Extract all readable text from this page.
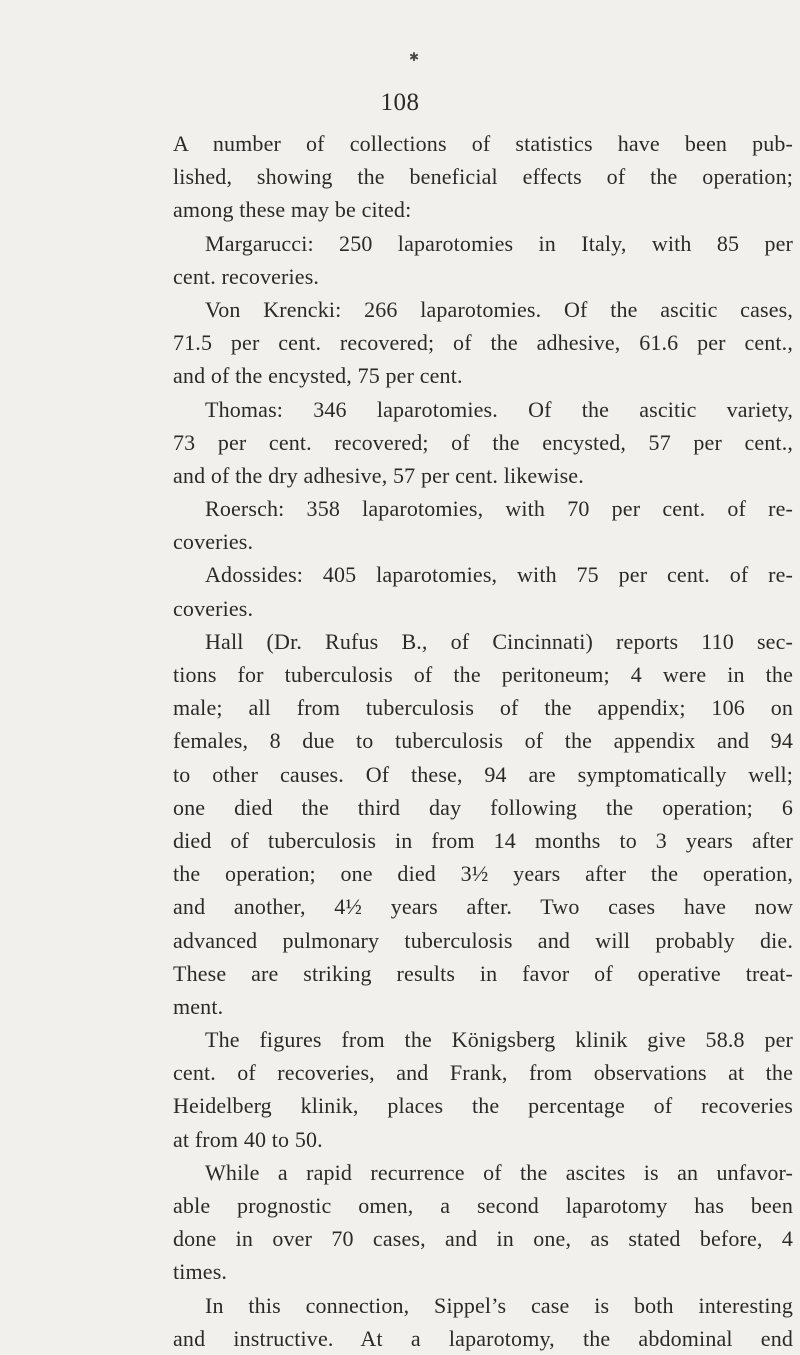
✱
108
A number of collections of statistics have been pub-
lished, showing the beneficial effects of the operation;
among these may be cited:
Margarucci: 250 laparotomies in Italy, with 85 per
cent. recoveries.
Von Krencki: 266 laparotomies. Of the ascitic cases,
71.5 per cent. recovered; of the adhesive, 61.6 per cent.,
and of the encysted, 75 per cent.
Thomas: 346 laparotomies. Of the ascitic variety,
73 per cent. recovered; of the encysted, 57 per cent.,
and of the dry adhesive, 57 per cent. likewise.
Roersch: 358 laparotomies, with 70 per cent. of re-
coveries.
Adossides: 405 laparotomies, with 75 per cent. of re-
coveries.
Hall (Dr. Rufus B., of Cincinnati) reports 110 sec-
tions for tuberculosis of the peritoneum; 4 were in the
male; all from tuberculosis of the appendix; 106 on
females, 8 due to tuberculosis of the appendix and 94
to other causes. Of these, 94 are symptomatically well;
one died the third day following the operation; 6
died of tuberculosis in from 14 months to 3 years after
the operation; one died 3½ years after the operation,
and another, 4½ years after. Two cases have now
advanced pulmonary tuberculosis and will probably die.
These are striking results in favor of operative treat-
ment.
The figures from the Königsberg klinik give 58.8 per
cent. of recoveries, and Frank, from observations at the
Heidelberg klinik, places the percentage of recoveries
at from 40 to 50.
While a rapid recurrence of the ascites is an unfavor-
able prognostic omen, a second laparotomy has been
done in over 70 cases, and in one, as stated before, 4
times.
In this connection, Sippel’s case is both interesting
and instructive. At a laparotomy, the abdominal end
